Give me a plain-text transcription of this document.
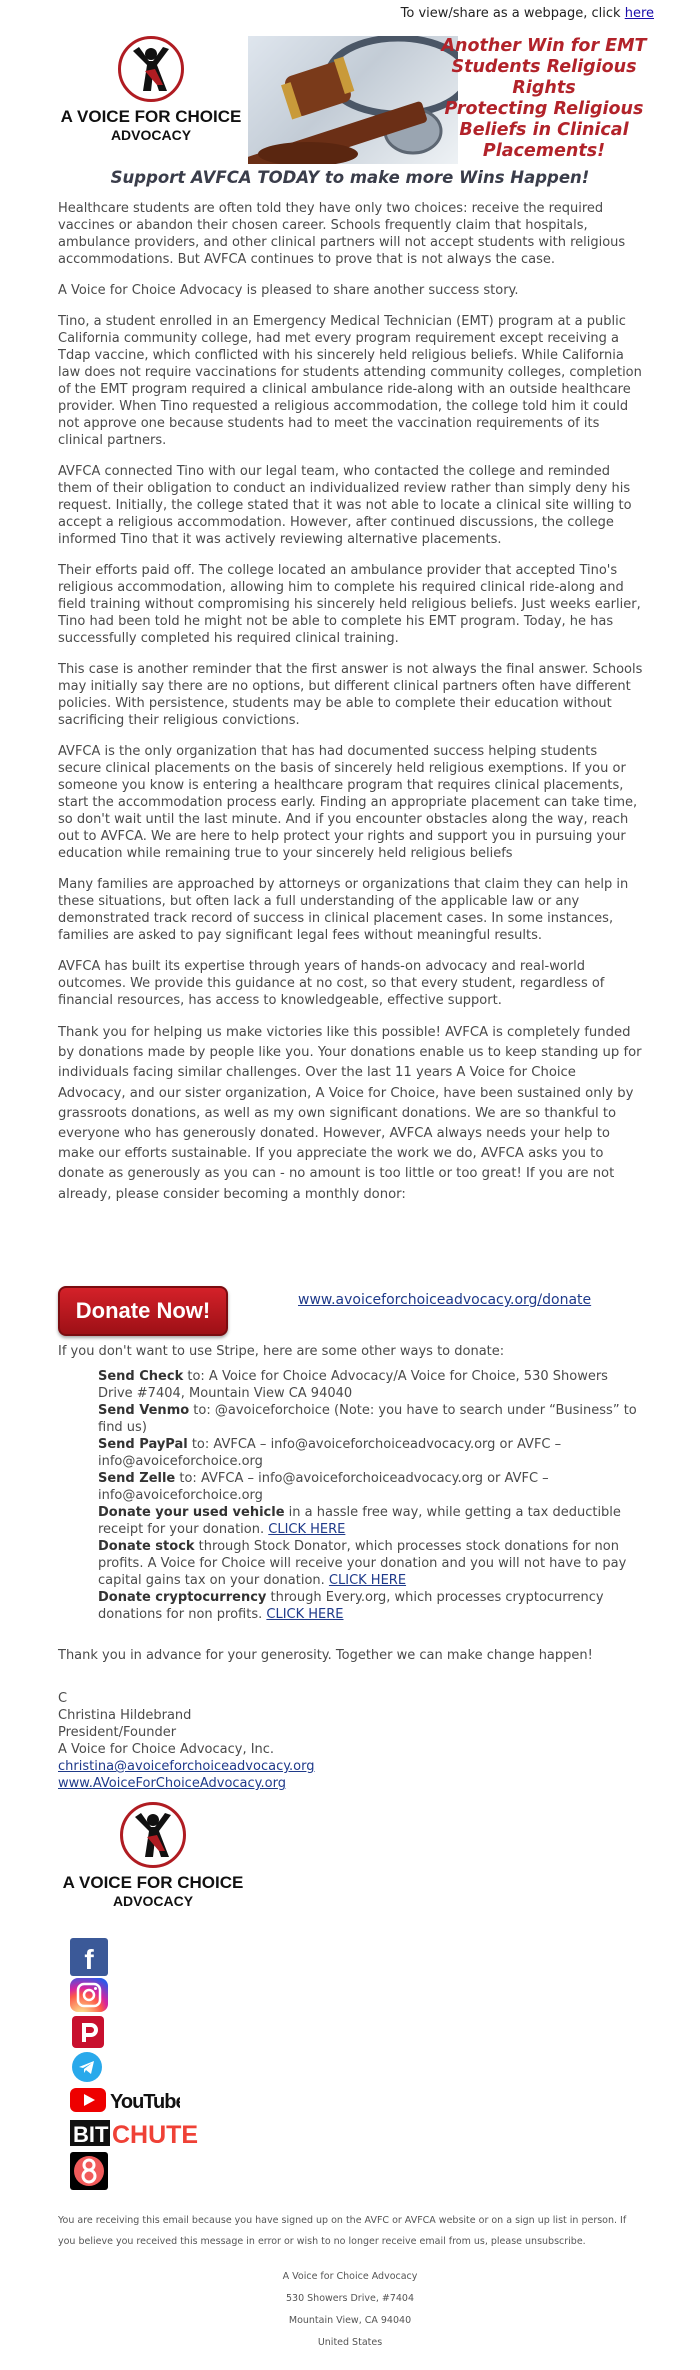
To view/share as a webpage, click here
A VOICE FOR CHOICE
ADVOCACY
Another Win for EMT
Students Religious
Rights
Protecting Religious
Beliefs in Clinical
Placements!
Support AVFCA TODAY to make more Wins Happen!

Healthcare students are often told they have only two choices: receive the required vaccines or abandon their chosen career. Schools frequently claim that hospitals, ambulance providers, and other clinical partners will not accept students with religious accommodations. But AVFCA continues to prove that is not always the case.

A Voice for Choice Advocacy is pleased to share another success story.

Tino, a student enrolled in an Emergency Medical Technician (EMT) program at a public California community college, had met every program requirement except receiving a Tdap vaccine, which conflicted with his sincerely held religious beliefs. While California law does not require vaccinations for students attending community colleges, completion of the EMT program required a clinical ambulance ride-along with an outside healthcare provider. When Tino requested a religious accommodation, the college told him it could not approve one because students had to meet the vaccination requirements of its clinical partners.

AVFCA connected Tino with our legal team, who contacted the college and reminded them of their obligation to conduct an individualized review rather than simply deny his request. Initially, the college stated that it was not able to locate a clinical site willing to accept a religious accommodation. However, after continued discussions, the college informed Tino that it was actively reviewing alternative placements.

Their efforts paid off. The college located an ambulance provider that accepted Tino's religious accommodation, allowing him to complete his required clinical ride-along and field training without compromising his sincerely held religious beliefs. Just weeks earlier, Tino had been told he might not be able to complete his EMT program. Today, he has successfully completed his required clinical training.

This case is another reminder that the first answer is not always the final answer. Schools may initially say there are no options, but different clinical partners often have different policies. With persistence, students may be able to complete their education without sacrificing their religious convictions.

AVFCA is the only organization that has had documented success helping students secure clinical placements on the basis of sincerely held religious exemptions. If you or someone you know is entering a healthcare program that requires clinical placements, start the accommodation process early. Finding an appropriate placement can take time, so don't wait until the last minute. And if you encounter obstacles along the way, reach out to AVFCA. We are here to help protect your rights and support you in pursuing your education while remaining true to your sincerely held religious beliefs

Many families are approached by attorneys or organizations that claim they can help in these situations, but often lack a full understanding of the applicable law or any demonstrated track record of success in clinical placement cases. In some instances, families are asked to pay significant legal fees without meaningful results.

AVFCA has built its expertise through years of hands-on advocacy and real-world outcomes. We provide this guidance at no cost, so that every student, regardless of financial resources, has access to knowledgeable, effective support.

Thank you for helping us make victories like this possible! AVFCA is completely funded by donations made by people like you. Your donations enable us to keep standing up for individuals facing similar challenges. Over the last 11 years A Voice for Choice Advocacy, and our sister organization, A Voice for Choice, have been sustained only by grassroots donations, as well as my own significant donations. We are so thankful to everyone who has generously donated. However, AVFCA always needs your help to make our efforts sustainable. If you appreciate the work we do, AVFCA asks you to donate as generously as you can - no amount is too little or too great! If you are not already, please consider becoming a monthly donor:

Donate Now!	www.avoiceforchoiceadvocacy.org/donate
If you don't want to use Stripe, here are some other ways to donate:
Send Check to: A Voice for Choice Advocacy/A Voice for Choice, 530 Showers Drive #7404, Mountain View CA 94040
Send Venmo to: @avoiceforchoice (Note: you have to search under “Business” to find us)
Send PayPal to: AVFCA – info@avoiceforchoiceadvocacy.org or AVFC – info@avoiceforchoice.org
Send Zelle to: AVFCA – info@avoiceforchoiceadvocacy.org or AVFC – info@avoiceforchoice.org
Donate your used vehicle in a hassle free way, while getting a tax deductible receipt for your donation. CLICK HERE
Donate stock through Stock Donator, which processes stock donations for non profits. A Voice for Choice will receive your donation and you will not have to pay capital gains tax on your donation. CLICK HERE
Donate cryptocurrency through Every.org, which processes cryptocurrency donations for non profits. CLICK HERE
Thank you in advance for your generosity. Together we can make change happen!
C
Christina Hildebrand
President/Founder
A Voice for Choice Advocacy, Inc.
christina@avoiceforchoiceadvocacy.org
www.AVoiceForChoiceAdvocacy.org
A VOICE FOR CHOICE
ADVOCACY
f
YouTube
BIT CHUTE
You are receiving this email because you have signed up on the AVFC or AVFCA website or on a sign up list in person. If you believe you received this message in error or wish to no longer receive email from us, please unsubscribe.
A Voice for Choice Advocacy
530 Showers Drive, #7404
Mountain View, CA 94040
United States
